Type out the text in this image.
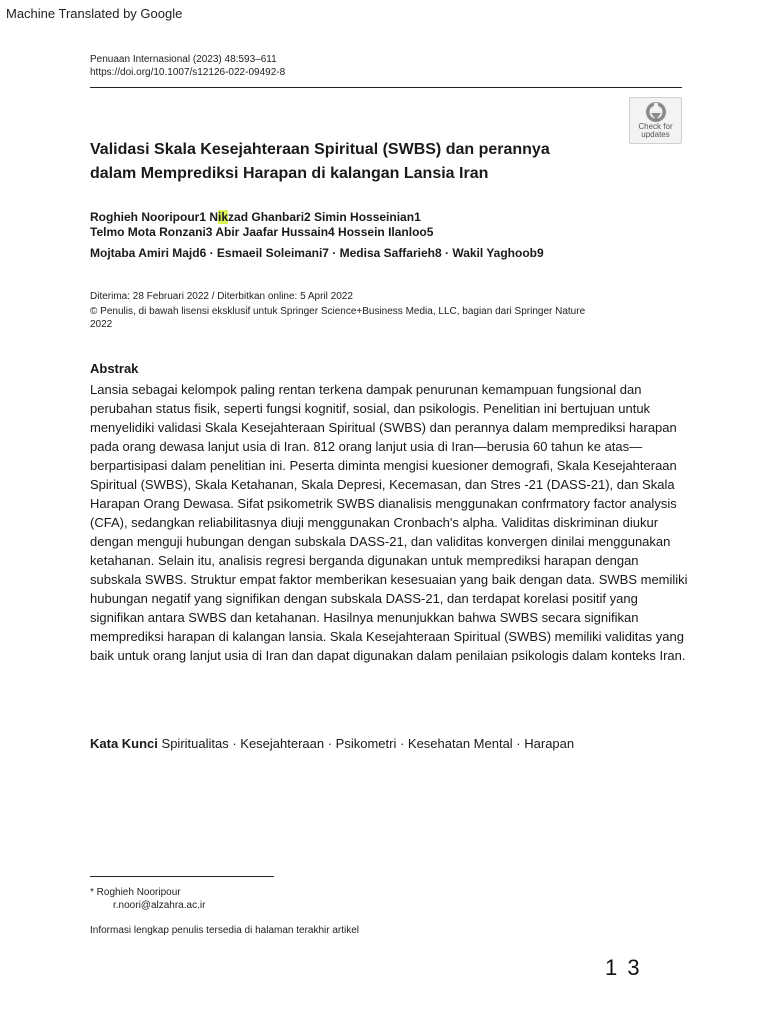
Machine Translated by Google
Penuaan Internasional (2023) 48:593–611
https://doi.org/10.1007/s12126-022-09492-8
Check for
updates
Validasi Skala Kesejahteraan Spiritual (SWBS) dan perannya
dalam Memprediksi Harapan di kalangan Lansia Iran
Roghieh Nooripour1 Nikzad Ghanbari2 Simin Hosseinian1
Telmo Mota Ronzani3 Abir Jaafar Hussain4 Hossein Ilanloo5
Mojtaba Amiri Majd6 · Esmaeil Soleimani7 · Medisa Saffarieh8 · Wakil Yaghoob9
Diterima: 28 Februari 2022 / Diterbitkan online: 5 April 2022
© Penulis, di bawah lisensi eksklusif untuk Springer Science+Business Media, LLC, bagian dari Springer Nature
2022
Abstrak

Lansia sebagai kelompok paling rentan terkena dampak penurunan kemampuan fungsional dan perubahan status fisik, seperti fungsi kognitif, sosial, dan psikologis. Penelitian ini bertujuan untuk menyelidiki validasi Skala Kesejahteraan Spiritual (SWBS) dan perannya dalam memprediksi harapan pada orang dewasa lanjut usia di Iran. 812 orang lanjut usia di Iran—berusia 60 tahun ke atas—berpartisipasi dalam penelitian ini. Peserta diminta mengisi kuesioner demografi, Skala Kesejahteraan Spiritual (SWBS), Skala Ketahanan, Skala Depresi, Kecemasan, dan Stres -21 (DASS-21), dan Skala Harapan Orang Dewasa. Sifat psikometrik SWBS dianalisis menggunakan confrmatory factor analysis (CFA), sedangkan reliabilitasnya diuji menggunakan Cronbach's alpha. Validitas diskriminan diukur dengan menguji hubungan dengan subskala DASS-21, dan validitas konvergen dinilai menggunakan ketahanan. Selain itu, analisis regresi berganda digunakan untuk memprediksi harapan dengan subskala SWBS. Struktur empat faktor memberikan kesesuaian yang baik dengan data. SWBS memiliki hubungan negatif yang signifikan dengan subskala DASS-21, dan terdapat korelasi positif yang signifikan antara SWBS dan ketahanan. Hasilnya menunjukkan bahwa SWBS secara signifikan memprediksi harapan di kalangan lansia. Skala Kesejahteraan Spiritual (SWBS) memiliki validitas yang baik untuk orang lanjut usia di Iran dan dapat digunakan dalam penilaian psikologis dalam konteks Iran.

Kata Kunci Spiritualitas · Kesejahteraan · Psikometri · Kesehatan Mental · Harapan
* Roghieh Nooripour
r.noori@alzahra.ac.ir
Informasi lengkap penulis tersedia di halaman terakhir artikel
1 3
